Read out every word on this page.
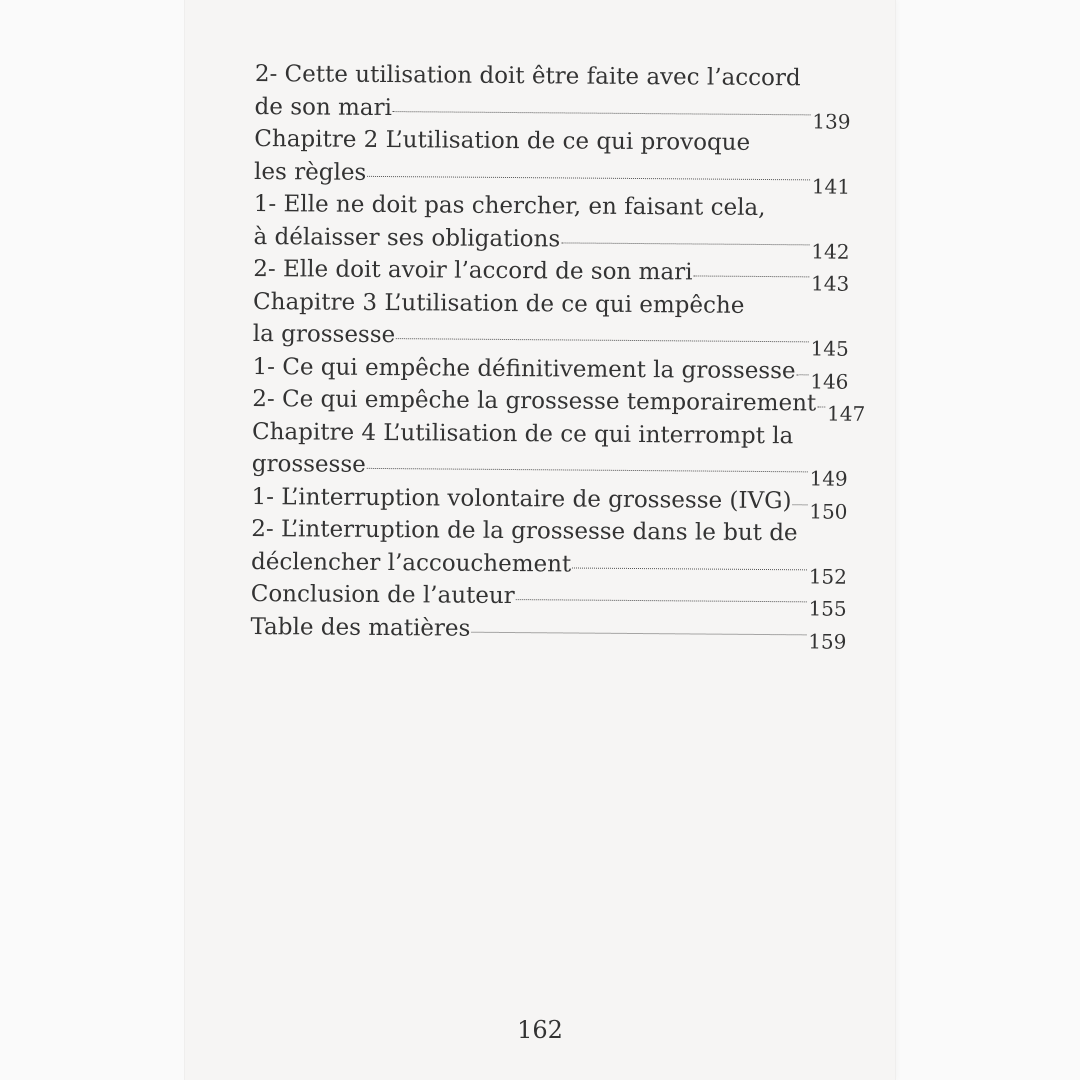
2- Cette utilisation doit être faite avec l’accord
de son mari
139
Chapitre 2 L’utilisation de ce qui provoque
les règles
141
1- Elle ne doit pas chercher, en faisant cela,
à délaisser ses obligations	142
2- Elle doit avoir l’accord de son mari	143
Chapitre 3 L’utilisation de ce qui empêche
la grossesse
145
1- Ce qui empêche définitivement la grossesse 146
2- Ce qui empêche la grossesse temporairement 147
Chapitre 4 L’utilisation de ce qui interrompt la
grossesse
149
1- L’interruption volontaire de grossesse (IVG) 150
2- L’interruption de la grossesse dans le but de
déclencher l’accouchement	152
Conclusion de l’auteur	155
Table des matières	159
162
